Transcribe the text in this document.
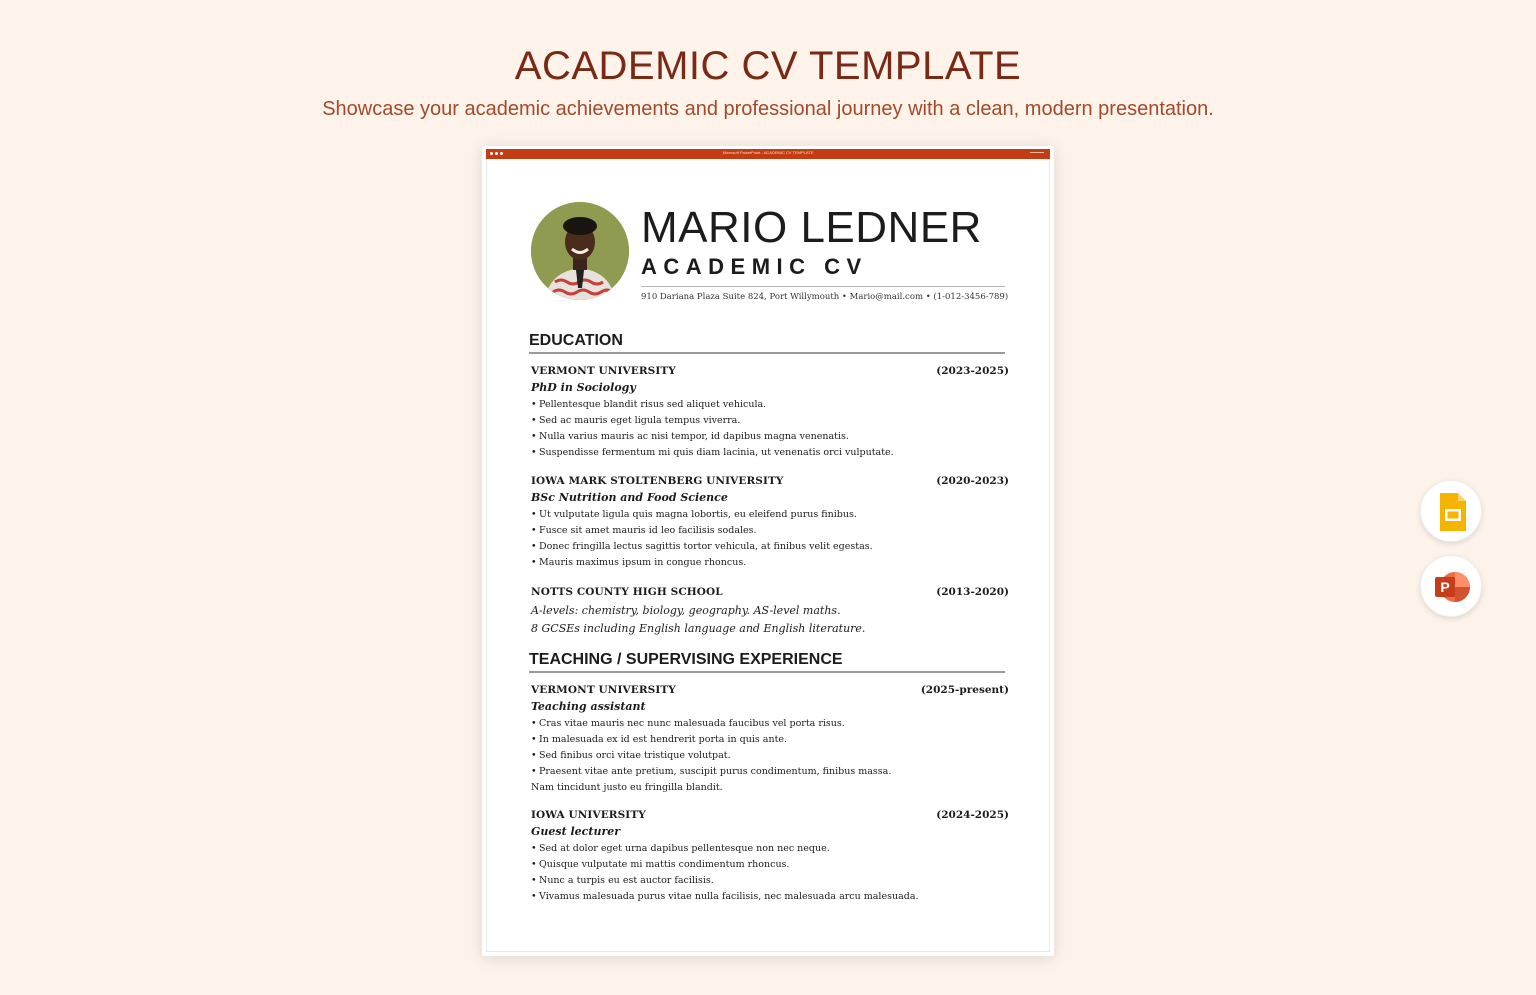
ACADEMIC CV TEMPLATE
Showcase your academic achievements and professional journey with a clean, modern presentation.
Microsoft PowerPoint - ACADEMIC CV TEMPLATE
MARIO LEDNER
ACADEMIC CV
910 Dariana Plaza Suite 824, Port Willymouth • Mario@mail.com • (1-012-3456-789)
EDUCATION
VERMONT UNIVERSITY	(2023-2025)
PhD in Sociology
• Pellentesque blandit risus sed aliquet vehicula.
• Sed ac mauris eget ligula tempus viverra.
• Nulla varius mauris ac nisi tempor, id dapibus magna venenatis.
• Suspendisse fermentum mi quis diam lacinia, ut venenatis orci vulputate.
IOWA MARK STOLTENBERG UNIVERSITY	(2020-2023)
BSc Nutrition and Food Science
• Ut vulputate ligula quis magna lobortis, eu eleifend purus finibus.
• Fusce sit amet mauris id leo facilisis sodales.
• Donec fringilla lectus sagittis tortor vehicula, at finibus velit egestas.
• Mauris maximus ipsum in congue rhoncus.
NOTTS COUNTY HIGH SCHOOL	(2013-2020)
A-levels: chemistry, biology, geography. AS-level maths.
8 GCSEs including English language and English literature.
TEACHING / SUPERVISING EXPERIENCE
VERMONT UNIVERSITY	(2025-present)
Teaching assistant
• Cras vitae mauris nec nunc malesuada faucibus vel porta risus.
• In malesuada ex id est hendrerit porta in quis ante.
• Sed finibus orci vitae tristique volutpat.
• Praesent vitae ante pretium, suscipit purus condimentum, finibus massa.
Nam tincidunt justo eu fringilla blandit.
IOWA UNIVERSITY	(2024-2025)
Guest lecturer
• Sed at dolor eget urna dapibus pellentesque non nec neque.
• Quisque vulputate mi mattis condimentum rhoncus.
• Nunc a turpis eu est auctor facilisis.
• Vivamus malesuada purus vitae nulla facilisis, nec malesuada arcu malesuada.
P
